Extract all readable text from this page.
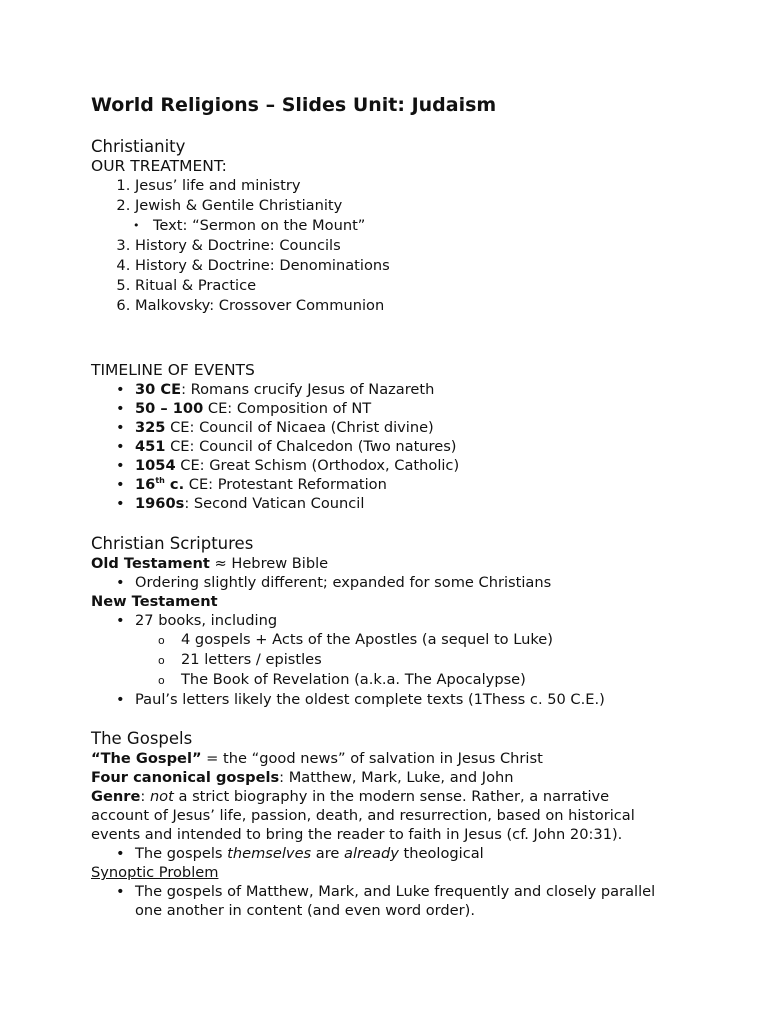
World Religions – Slides Unit: Judaism
Christianity
OUR TREATMENT:
1. Jesus’ life and ministry
2. Jewish & Gentile Christianity
• Text: “Sermon on the Mount”
3. History & Doctrine: Councils
4. History & Doctrine: Denominations
5. Ritual & Practice
6. Malkovsky: Crossover Communion
TIMELINE OF EVENTS
• 30 CE: Romans crucify Jesus of Nazareth
• 50 – 100 CE: Composition of NT
• 325 CE: Council of Nicaea (Christ divine)
• 451 CE: Council of Chalcedon (Two natures)
• 1054 CE: Great Schism (Orthodox, Catholic)
• 16th c. CE: Protestant Reformation
• 1960s: Second Vatican Council
Christian Scriptures
Old Testament ≈ Hebrew Bible
• Ordering slightly different; expanded for some Christians
New Testament
• 27 books, including
o 4 gospels + Acts of the Apostles (a sequel to Luke)
o 21 letters / epistles
o The Book of Revelation (a.k.a. The Apocalypse)
• Paul’s letters likely the oldest complete texts (1Thess c. 50 C.E.)
The Gospels
“The Gospel” = the “good news” of salvation in Jesus Christ
Four canonical gospels: Matthew, Mark, Luke, and John
Genre: not a strict biography in the modern sense. Rather, a narrative account of Jesus’ life, passion, death, and resurrection, based on historical events and intended to bring the reader to faith in Jesus (cf. John 20:31).
• The gospels themselves are already theological
Synoptic Problem
• The gospels of Matthew, Mark, and Luke frequently and closely parallel one another in content (and even word order).
